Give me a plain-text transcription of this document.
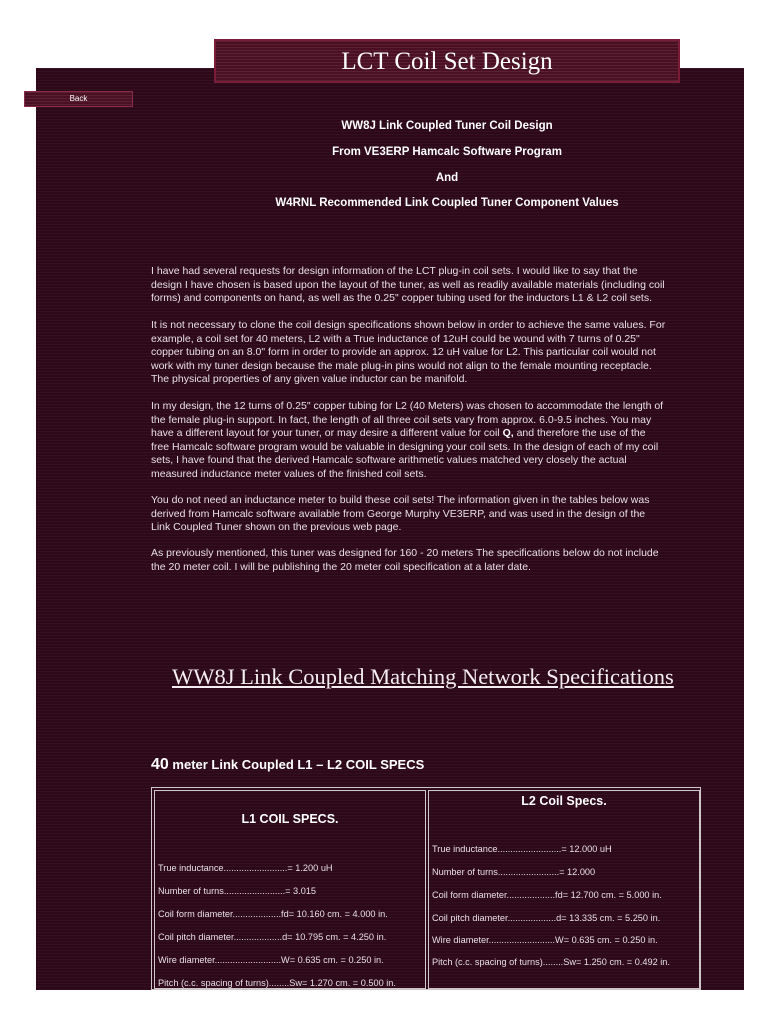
LCT Coil Set Design
Back
WW8J Link Coupled Tuner Coil Design
From VE3ERP Hamcalc Software Program
And
W4RNL Recommended Link Coupled Tuner Component Values
I have had several requests for design information of the LCT plug-in coil sets. I would like to say that the
design I have chosen is based upon the layout of the tuner, as well as readily available materials (including coil
forms) and components on hand, as well as the 0.25" copper tubing used for the inductors L1 & L2 coil sets.
It is not necessary to clone the coil design specifications shown below in order to achieve the same values. For
example, a coil set for 40 meters, L2 with a True inductance of 12uH could be wound with 7 turns of 0.25"
copper tubing on an 8.0" form in order to provide an approx. 12 uH value for L2. This particular coil would not
work with my tuner design because the male plug-in pins would not align to the female mounting receptacle.
The physical properties of any given value inductor can be manifold.
In my design, the 12 turns of 0.25" copper tubing for L2 (40 Meters) was chosen to accommodate the length of
the female plug-in support. In fact, the length of all three coil sets vary from approx. 6.0-9.5 inches. You may
have a different layout for your tuner, or may desire a different value for coil Q, and therefore the use of the
free Hamcalc software program would be valuable in designing your coil sets. In the design of each of my coil
sets, I have found that the derived Hamcalc software arithmetic values matched very closely the actual
measured inductance meter values of the finished coil sets.
You do not need an inductance meter to build these coil sets! The information given in the tables below was
derived from Hamcalc software available from George Murphy VE3ERP, and was used in the design of the
Link Coupled Tuner shown on the previous web page.
As previously mentioned, this tuner was designed for 160 - 20 meters The specifications below do not include
the 20 meter coil. I will be publishing the 20 meter coil specification at a later date.
WW8J Link Coupled Matching Network Specifications
40 meter Link Coupled L1 – L2 COIL SPECS
L1 COIL SPECS.
True inductance.........................= 1.200 uH
Number of turns........................= 3.015
Coil form diameter...................fd= 10.160 cm. = 4.000 in.
Coil pitch diameter...................d= 10.795 cm. = 4.250 in.
Wire diameter..........................W= 0.635 cm. = 0.250 in.
Pitch (c.c. spacing of turns)........Sw= 1.270 cm. = 0.500 in.
L2 Coil Specs.
True inductance.........................= 12.000 uH
Number of turns........................= 12.000
Coil form diameter...................fd= 12.700 cm. = 5.000 in.
Coil pitch diameter...................d= 13.335 cm. = 5.250 in.
Wire diameter..........................W= 0.635 cm. = 0.250 in.
Pitch (c.c. spacing of turns)........Sw= 1.250 cm. = 0.492 in.
